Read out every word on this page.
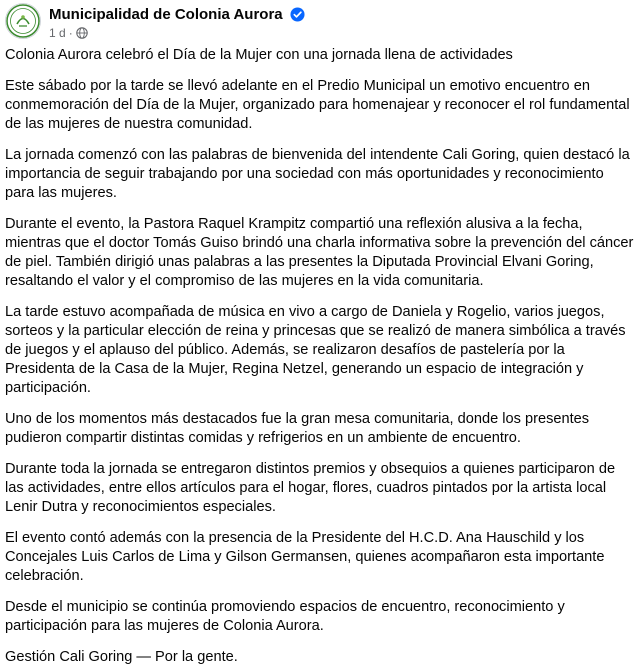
Municipalidad de Colonia Aurora
1 d ·

Colonia Aurora celebró el Día de la Mujer con una jornada llena de actividades

Este sábado por la tarde se llevó adelante en el Predio Municipal un emotivo encuentro en conmemoración del Día de la Mujer, organizado para homenajear y reconocer el rol fundamental de las mujeres de nuestra comunidad.

La jornada comenzó con las palabras de bienvenida del intendente Cali Goring, quien destacó la importancia de seguir trabajando por una sociedad con más oportunidades y reconocimiento para las mujeres.

Durante el evento, la Pastora Raquel Krampitz compartió una reflexión alusiva a la fecha, mientras que el doctor Tomás Guiso brindó una charla informativa sobre la prevención del cáncer de piel. También dirigió unas palabras a las presentes la Diputada Provincial Elvani Goring, resaltando el valor y el compromiso de las mujeres en la vida comunitaria.

La tarde estuvo acompañada de música en vivo a cargo de Daniela y Rogelio, varios juegos, sorteos y la particular elección de reina y princesas que se realizó de manera simbólica a través de juegos y el aplauso del público. Además, se realizaron desafíos de pastelería por la Presidenta de la Casa de la Mujer, Regina Netzel, generando un espacio de integración y participación.

Uno de los momentos más destacados fue la gran mesa comunitaria, donde los presentes pudieron compartir distintas comidas y refrigerios en un ambiente de encuentro.

Durante toda la jornada se entregaron distintos premios y obsequios a quienes participaron de las actividades, entre ellos artículos para el hogar, flores, cuadros pintados por la artista local Lenir Dutra y reconocimientos especiales.

El evento contó además con la presencia de la Presidente del H.C.D. Ana Hauschild y los Concejales Luis Carlos de Lima y Gilson Germansen, quienes acompañaron esta importante celebración.

Desde el municipio se continúa promoviendo espacios de encuentro, reconocimiento y participación para las mujeres de Colonia Aurora.

Gestión Cali Goring — Por la gente.
